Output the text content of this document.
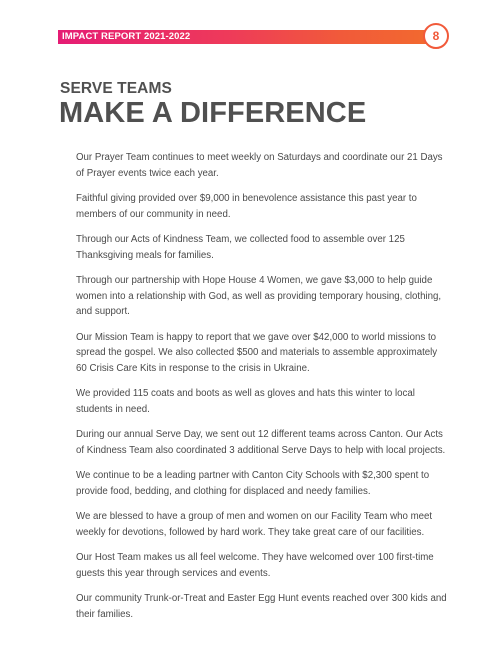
IMPACT REPORT 2021-2022	8
SERVE TEAMS
MAKE A DIFFERENCE

Our Prayer Team continues to meet weekly on Saturdays and coordinate our 21 Days
of Prayer events twice each year.

Faithful giving provided over $9,000 in benevolence assistance this past year to
members of our community in need.

Through our Acts of Kindness Team, we collected food to assemble over 125
Thanksgiving meals for families.

Through our partnership with Hope House 4 Women, we gave $3,000 to help guide
women into a relationship with God, as well as providing temporary housing, clothing,
and support.

Our Mission Team is happy to report that we gave over $42,000 to world missions to
spread the gospel. We also collected $500 and materials to assemble approximately
60 Crisis Care Kits in response to the crisis in Ukraine.

We provided 115 coats and boots as well as gloves and hats this winter to local
students in need.

During our annual Serve Day, we sent out 12 different teams across Canton. Our Acts
of Kindness Team also coordinated 3 additional Serve Days to help with local projects.

We continue to be a leading partner with Canton City Schools with $2,300 spent to
provide food, bedding, and clothing for displaced and needy families.

We are blessed to have a group of men and women on our Facility Team who meet
weekly for devotions, followed by hard work. They take great care of our facilities.

Our Host Team makes us all feel welcome. They have welcomed over 100 first-time
guests this year through services and events.

Our community Trunk-or-Treat and Easter Egg Hunt events reached over 300 kids and
their families.
